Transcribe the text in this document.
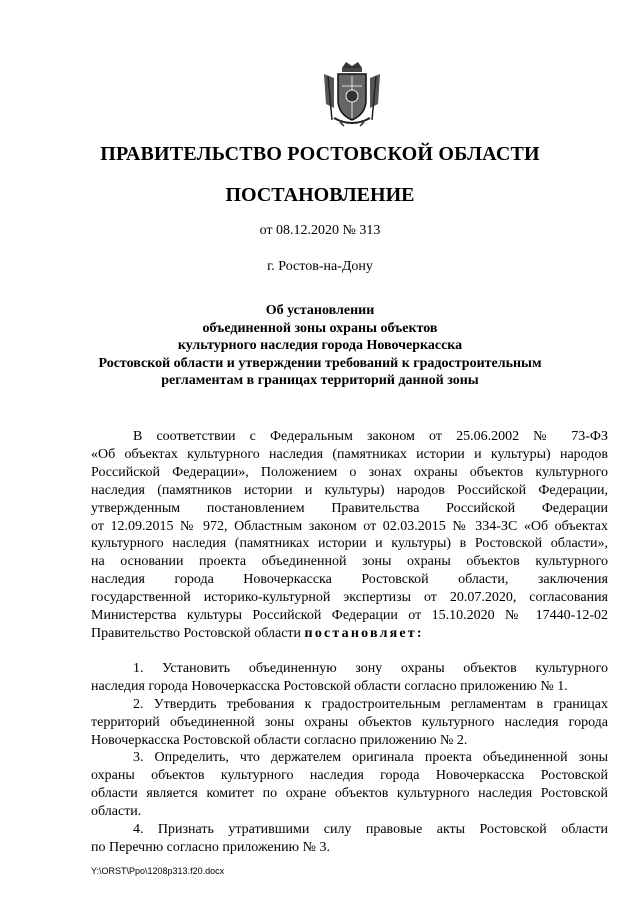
ПРАВИТЕЛЬСТВО РОСТОВСКОЙ ОБЛАСТИ
ПОСТАНОВЛЕНИЕ
от 08.12.2020 № 313
г. Ростов-на-Дону
Об установлении
объединенной зоны охраны объектов
культурного наследия города Новочеркасска
Ростовской области и утверждении требований к градостроительным
регламентам в границах территорий данной зоны
В соответствии с Федеральным законом от 25.06.2002 № 73-ФЗ
«Об объектах культурного наследия (памятниках истории и культуры) народов
Российской Федерации», Положением о зонах охраны объектов культурного
наследия (памятников истории и культуры) народов Российской Федерации,
утвержденным постановлением Правительства Российской Федерации
от 12.09.2015 № 972, Областным законом от 02.03.2015 № 334-ЗС «Об объектах
культурного наследия (памятниках истории и культуры) в Ростовской области»,
на основании проекта объединенной зоны охраны объектов культурного
наследия города Новочеркасска Ростовской области, заключения
государственной историко-культурной экспертизы от 20.07.2020, согласования
Министерства культуры Российской Федерации от 15.10.2020 № 17440-12-02
Правительство Ростовской области постановляет:
1. Установить объединенную зону охраны объектов культурного
наследия города Новочеркасска Ростовской области согласно приложению № 1.
2. Утвердить требования к градостроительным регламентам в границах
территорий объединенной зоны охраны объектов культурного наследия города
Новочеркасска Ростовской области согласно приложению № 2.
3. Определить, что держателем оригинала проекта объединенной зоны
охраны объектов культурного наследия города Новочеркасска Ростовской
области является комитет по охране объектов культурного наследия Ростовской
области.
4. Признать утратившими силу правовые акты Ростовской области
по Перечню согласно приложению № 3.
Y:\ORST\Ppo\1208p313.f20.docx
